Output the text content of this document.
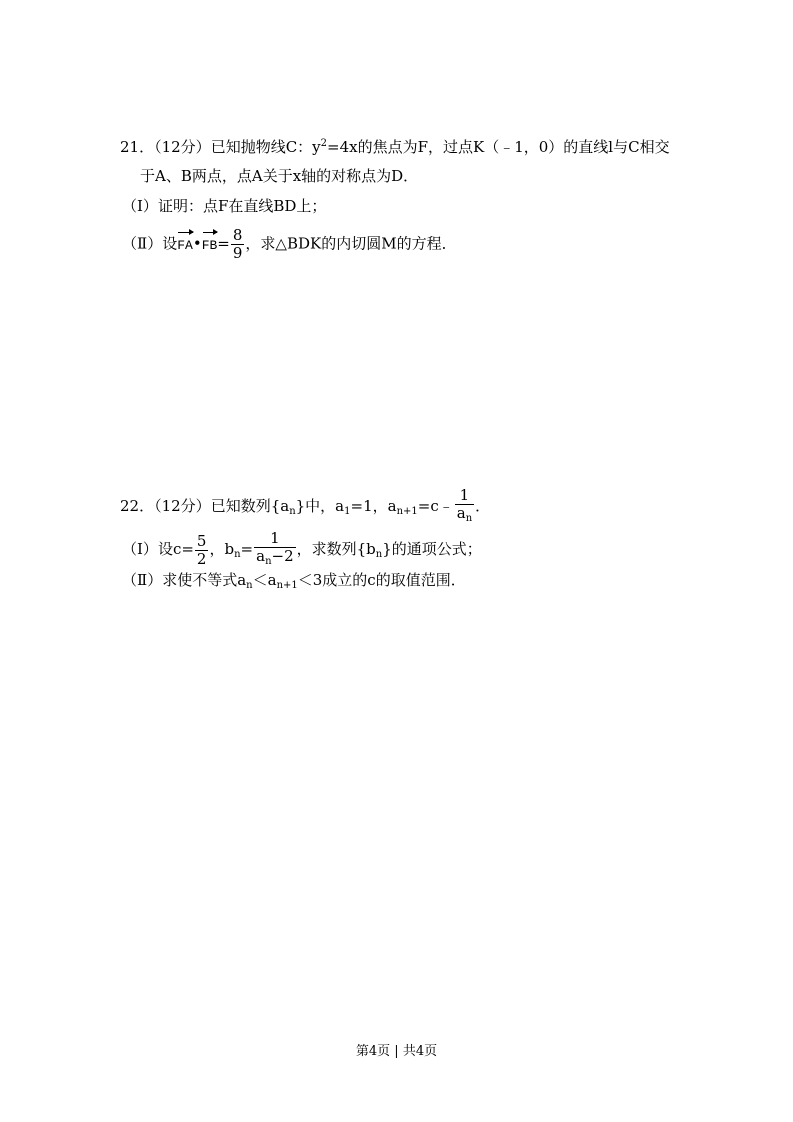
21．（12分）已知抛物线C：$y^2=4x$的焦点为F，过点K（﹣1，0）的直线l与C相交
于A、B两点，点A关于x轴的对称点为D．
（Ⅰ）证明：点F在直线BD上；
（Ⅱ）设FA•FB= $\frac{8}{9}$ ，求△BDK的内切圆M的方程．
22．（12分）已知数列$\{a_n\}$中，$a_1=1$，$a_{n+1}=c﹣ \frac{1}{a_n}$ ．
（Ⅰ）设$c= \frac{5}{2}$ ，$b_n= \frac{1}{a_n-2}$ ，求数列$\{b_n\}$的通项公式；
（Ⅱ）求使不等式$a_n<a_{n+1}<3$成立的c的取值范围．
第4页 | 共4页
